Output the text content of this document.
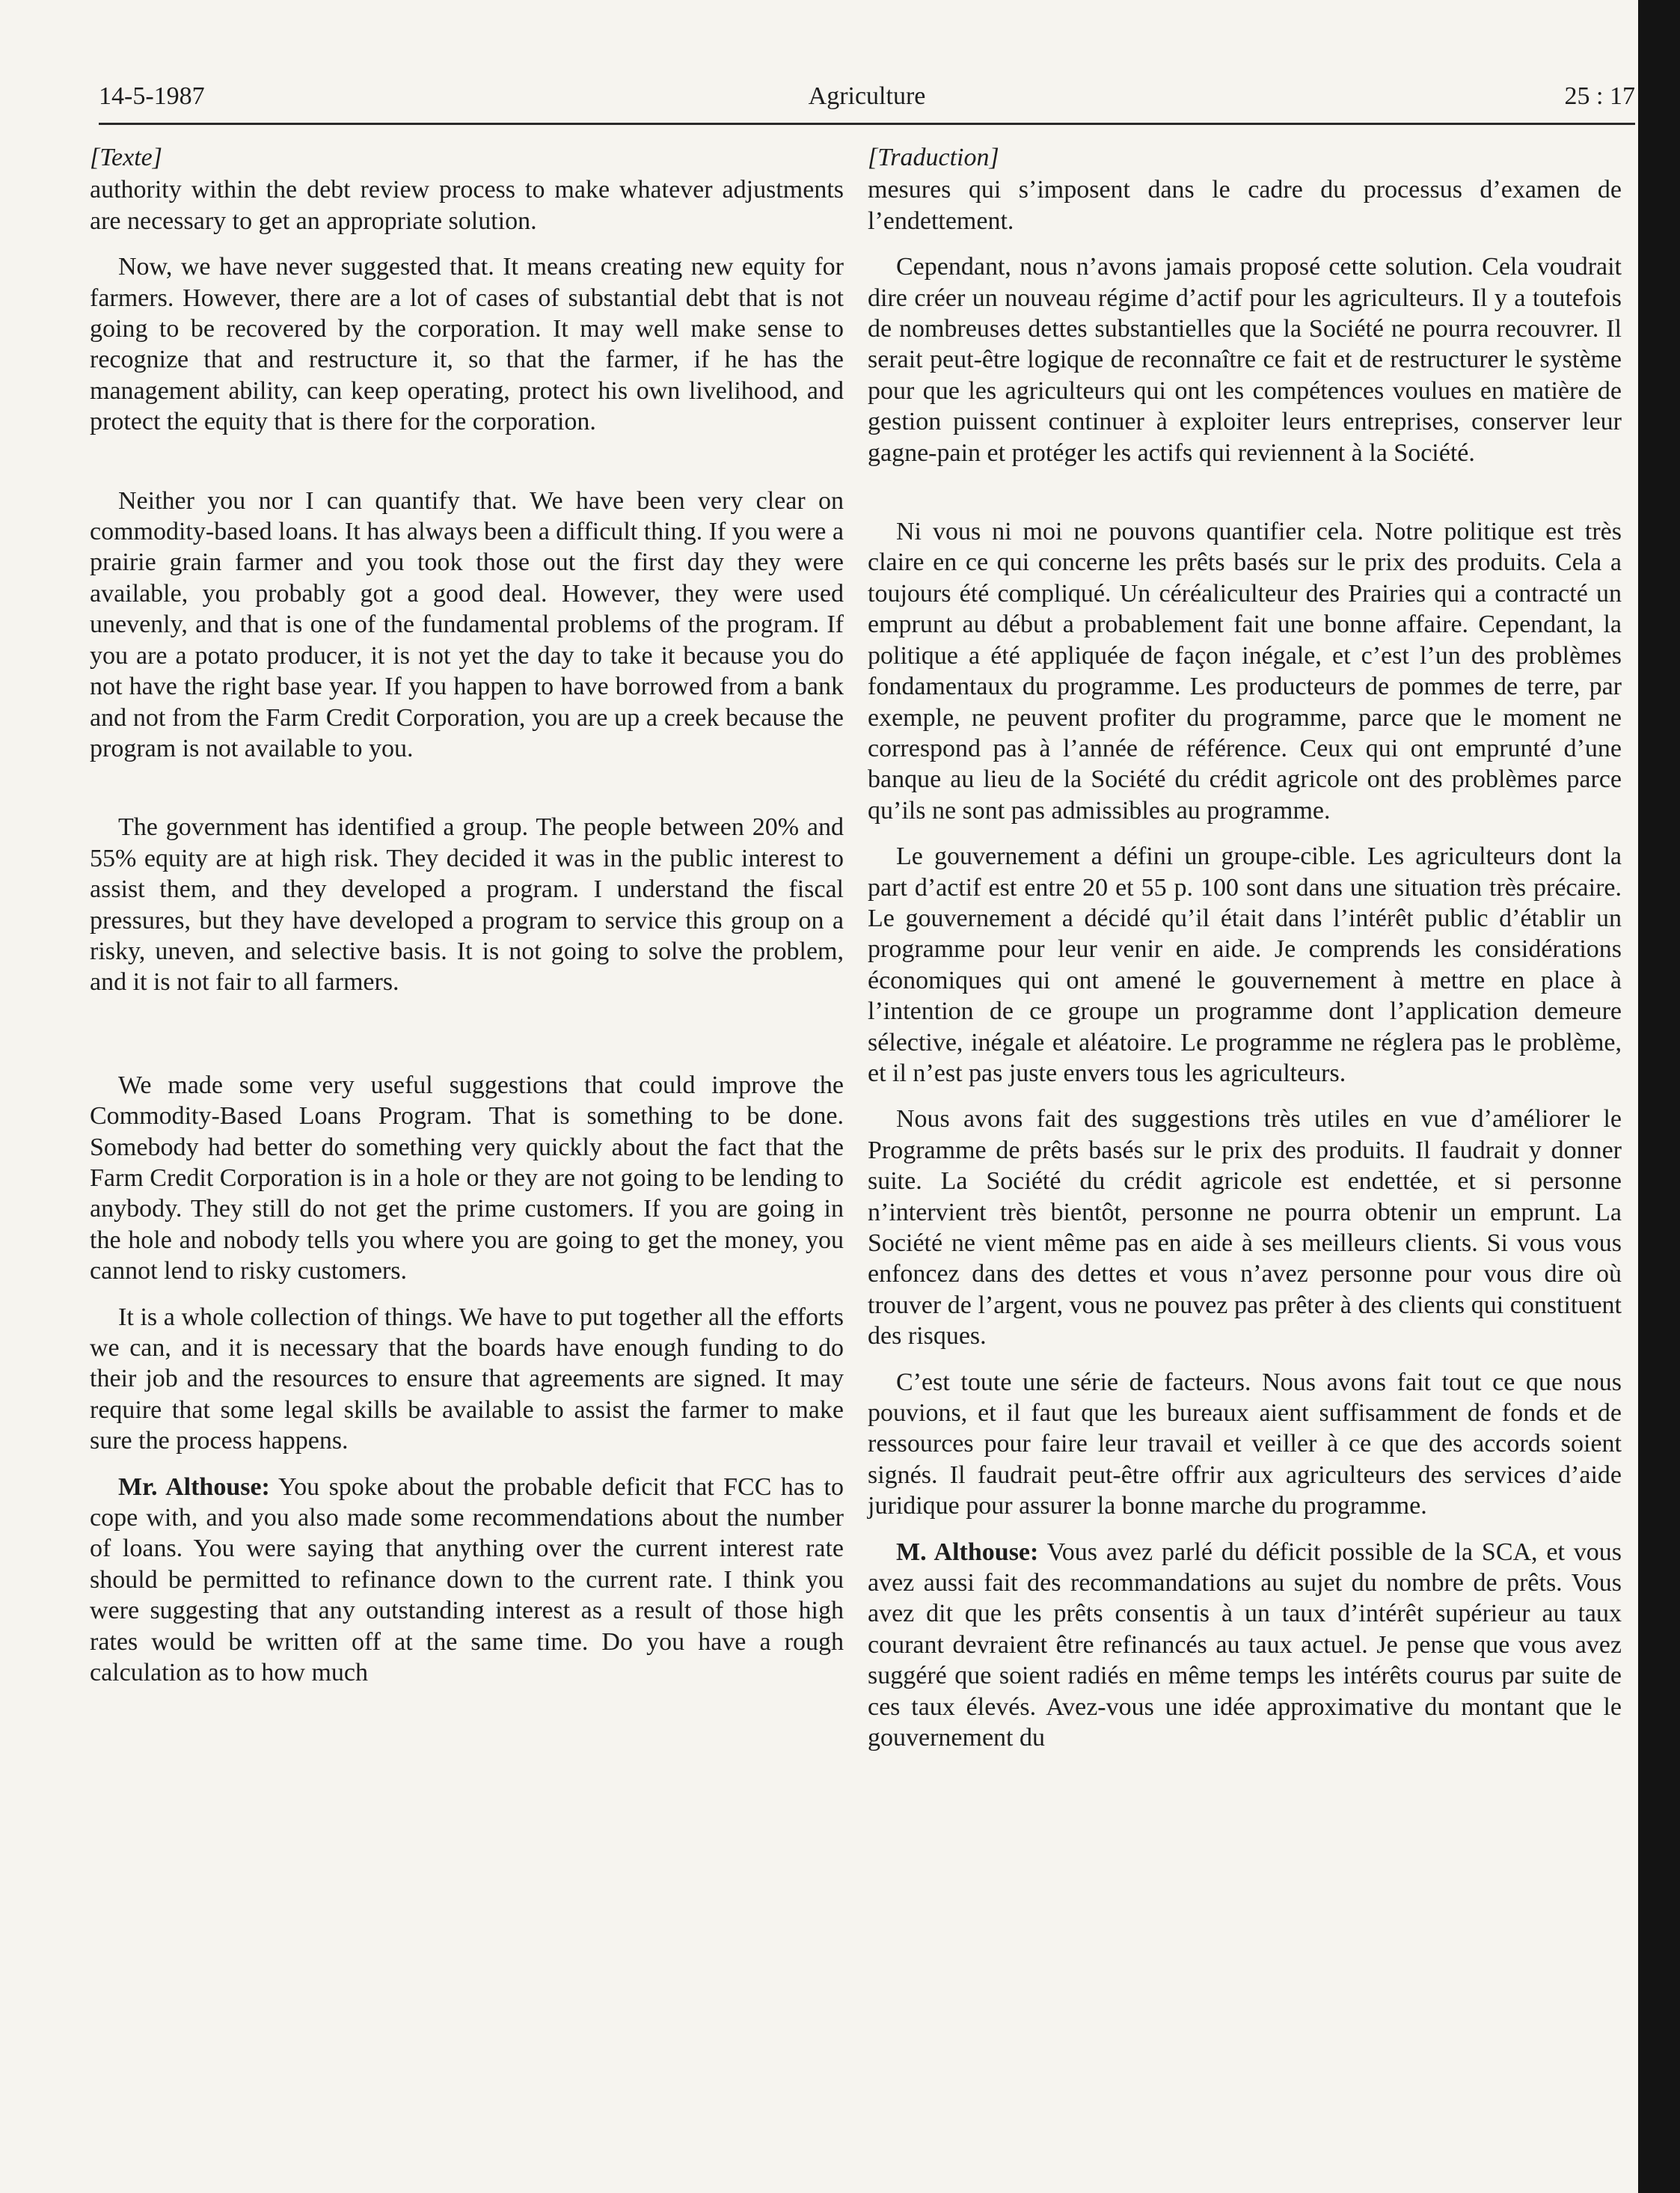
14-5-1987	Agriculture	25 : 17
[Texte]

authority within the debt review process to make whatever adjustments are necessary to get an appropriate solution.

Now, we have never suggested that. It means creating new equity for farmers. However, there are a lot of cases of substantial debt that is not going to be recovered by the corporation. It may well make sense to recognize that and restructure it, so that the farmer, if he has the management ability, can keep operating, protect his own livelihood, and protect the equity that is there for the corporation.

Neither you nor I can quantify that. We have been very clear on commodity-based loans. It has always been a difficult thing. If you were a prairie grain farmer and you took those out the first day they were available, you probably got a good deal. However, they were used unevenly, and that is one of the fundamental problems of the program. If you are a potato producer, it is not yet the day to take it because you do not have the right base year. If you happen to have borrowed from a bank and not from the Farm Credit Corporation, you are up a creek because the program is not available to you.

The government has identified a group. The people between 20% and 55% equity are at high risk. They decided it was in the public interest to assist them, and they developed a program. I understand the fiscal pressures, but they have developed a program to service this group on a risky, uneven, and selective basis. It is not going to solve the problem, and it is not fair to all farmers.

We made some very useful suggestions that could improve the Commodity-Based Loans Program. That is something to be done. Somebody had better do something very quickly about the fact that the Farm Credit Corporation is in a hole or they are not going to be lending to anybody. They still do not get the prime customers. If you are going in the hole and nobody tells you where you are going to get the money, you cannot lend to risky customers.

It is a whole collection of things. We have to put together all the efforts we can, and it is necessary that the boards have enough funding to do their job and the resources to ensure that agreements are signed. It may require that some legal skills be available to assist the farmer to make sure the process happens.

Mr. Althouse: You spoke about the probable deficit that FCC has to cope with, and you also made some recommendations about the number of loans. You were saying that anything over the current interest rate should be permitted to refinance down to the current rate. I think you were suggesting that any outstanding interest as a result of those high rates would be written off at the same time. Do you have a rough calculation as to how much

[Traduction]

mesures qui s’imposent dans le cadre du processus d’examen de l’endettement.

Cependant, nous n’avons jamais proposé cette solution. Cela voudrait dire créer un nouveau régime d’actif pour les agriculteurs. Il y a toutefois de nombreuses dettes substantielles que la Société ne pourra recouvrer. Il serait peut-être logique de reconnaître ce fait et de restructurer le système pour que les agriculteurs qui ont les compétences voulues en matière de gestion puissent continuer à exploiter leurs entreprises, conserver leur gagne-pain et protéger les actifs qui reviennent à la Société.

Ni vous ni moi ne pouvons quantifier cela. Notre politique est très claire en ce qui concerne les prêts basés sur le prix des produits. Cela a toujours été compliqué. Un céréaliculteur des Prairies qui a contracté un emprunt au début a probablement fait une bonne affaire. Cependant, la politique a été appliquée de façon inégale, et c’est l’un des problèmes fondamentaux du programme. Les producteurs de pommes de terre, par exemple, ne peuvent profiter du programme, parce que le moment ne correspond pas à l’année de référence. Ceux qui ont emprunté d’une banque au lieu de la Société du crédit agricole ont des problèmes parce qu’ils ne sont pas admissibles au programme.

Le gouvernement a défini un groupe-cible. Les agriculteurs dont la part d’actif est entre 20 et 55 p. 100 sont dans une situation très précaire. Le gouvernement a décidé qu’il était dans l’intérêt public d’établir un programme pour leur venir en aide. Je comprends les considérations économiques qui ont amené le gouvernement à mettre en place à l’intention de ce groupe un programme dont l’application demeure sélective, inégale et aléatoire. Le programme ne réglera pas le problème, et il n’est pas juste envers tous les agriculteurs.

Nous avons fait des suggestions très utiles en vue d’améliorer le Programme de prêts basés sur le prix des produits. Il faudrait y donner suite. La Société du crédit agricole est endettée, et si personne n’intervient très bientôt, personne ne pourra obtenir un emprunt. La Société ne vient même pas en aide à ses meilleurs clients. Si vous vous enfoncez dans des dettes et vous n’avez personne pour vous dire où trouver de l’argent, vous ne pouvez pas prêter à des clients qui constituent des risques.

C’est toute une série de facteurs. Nous avons fait tout ce que nous pouvions, et il faut que les bureaux aient suffisamment de fonds et de ressources pour faire leur travail et veiller à ce que des accords soient signés. Il faudrait peut-être offrir aux agriculteurs des services d’aide juridique pour assurer la bonne marche du programme.

M. Althouse: Vous avez parlé du déficit possible de la SCA, et vous avez aussi fait des recommandations au sujet du nombre de prêts. Vous avez dit que les prêts consentis à un taux d’intérêt supérieur au taux courant devraient être refinancés au taux actuel. Je pense que vous avez suggéré que soient radiés en même temps les intérêts courus par suite de ces taux élevés. Avez-vous une idée approximative du montant que le gouvernement du
